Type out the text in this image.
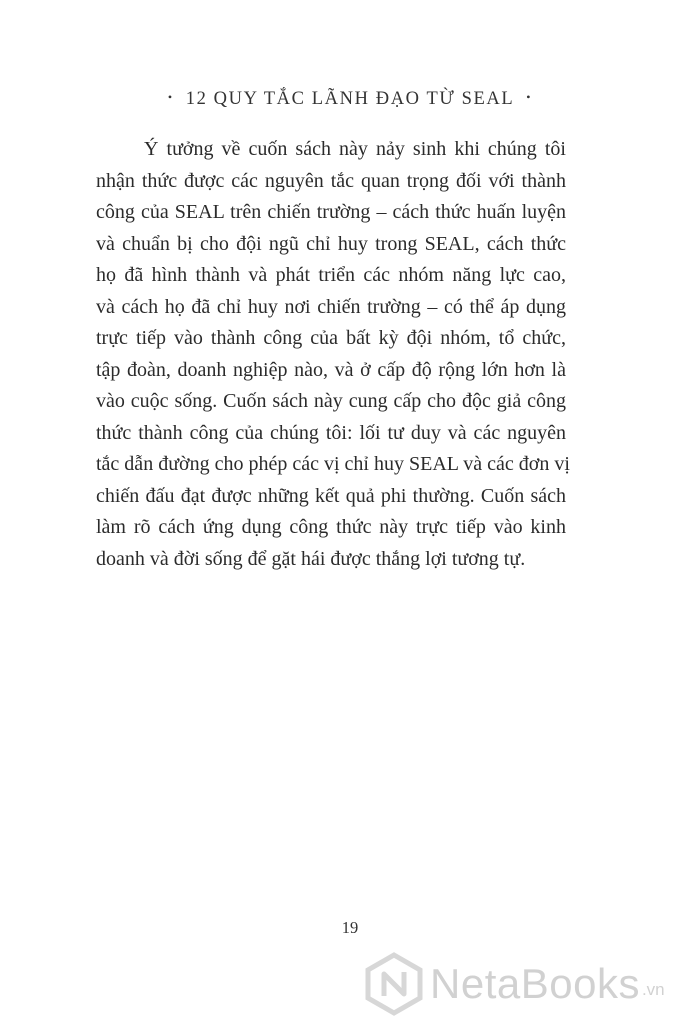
• 12 QUY TẮC LÃNH ĐẠO TỪ SEAL •
Ý tưởng về cuốn sách này nảy sinh khi chúng tôi
nhận thức được các nguyên tắc quan trọng đối với thành
công của SEAL trên chiến trường – cách thức huấn luyện
và chuẩn bị cho đội ngũ chỉ huy trong SEAL, cách thức
họ đã hình thành và phát triển các nhóm năng lực cao,
và cách họ đã chỉ huy nơi chiến trường – có thể áp dụng
trực tiếp vào thành công của bất kỳ đội nhóm, tổ chức,
tập đoàn, doanh nghiệp nào, và ở cấp độ rộng lớn hơn là
vào cuộc sống. Cuốn sách này cung cấp cho độc giả công
thức thành công của chúng tôi: lối tư duy và các nguyên
tắc dẫn đường cho phép các vị chỉ huy SEAL và các đơn vị
chiến đấu đạt được những kết quả phi thường. Cuốn sách
làm rõ cách ứng dụng công thức này trực tiếp vào kinh
doanh và đời sống để gặt hái được thắng lợi tương tự.
19
NetaBooks .vn
